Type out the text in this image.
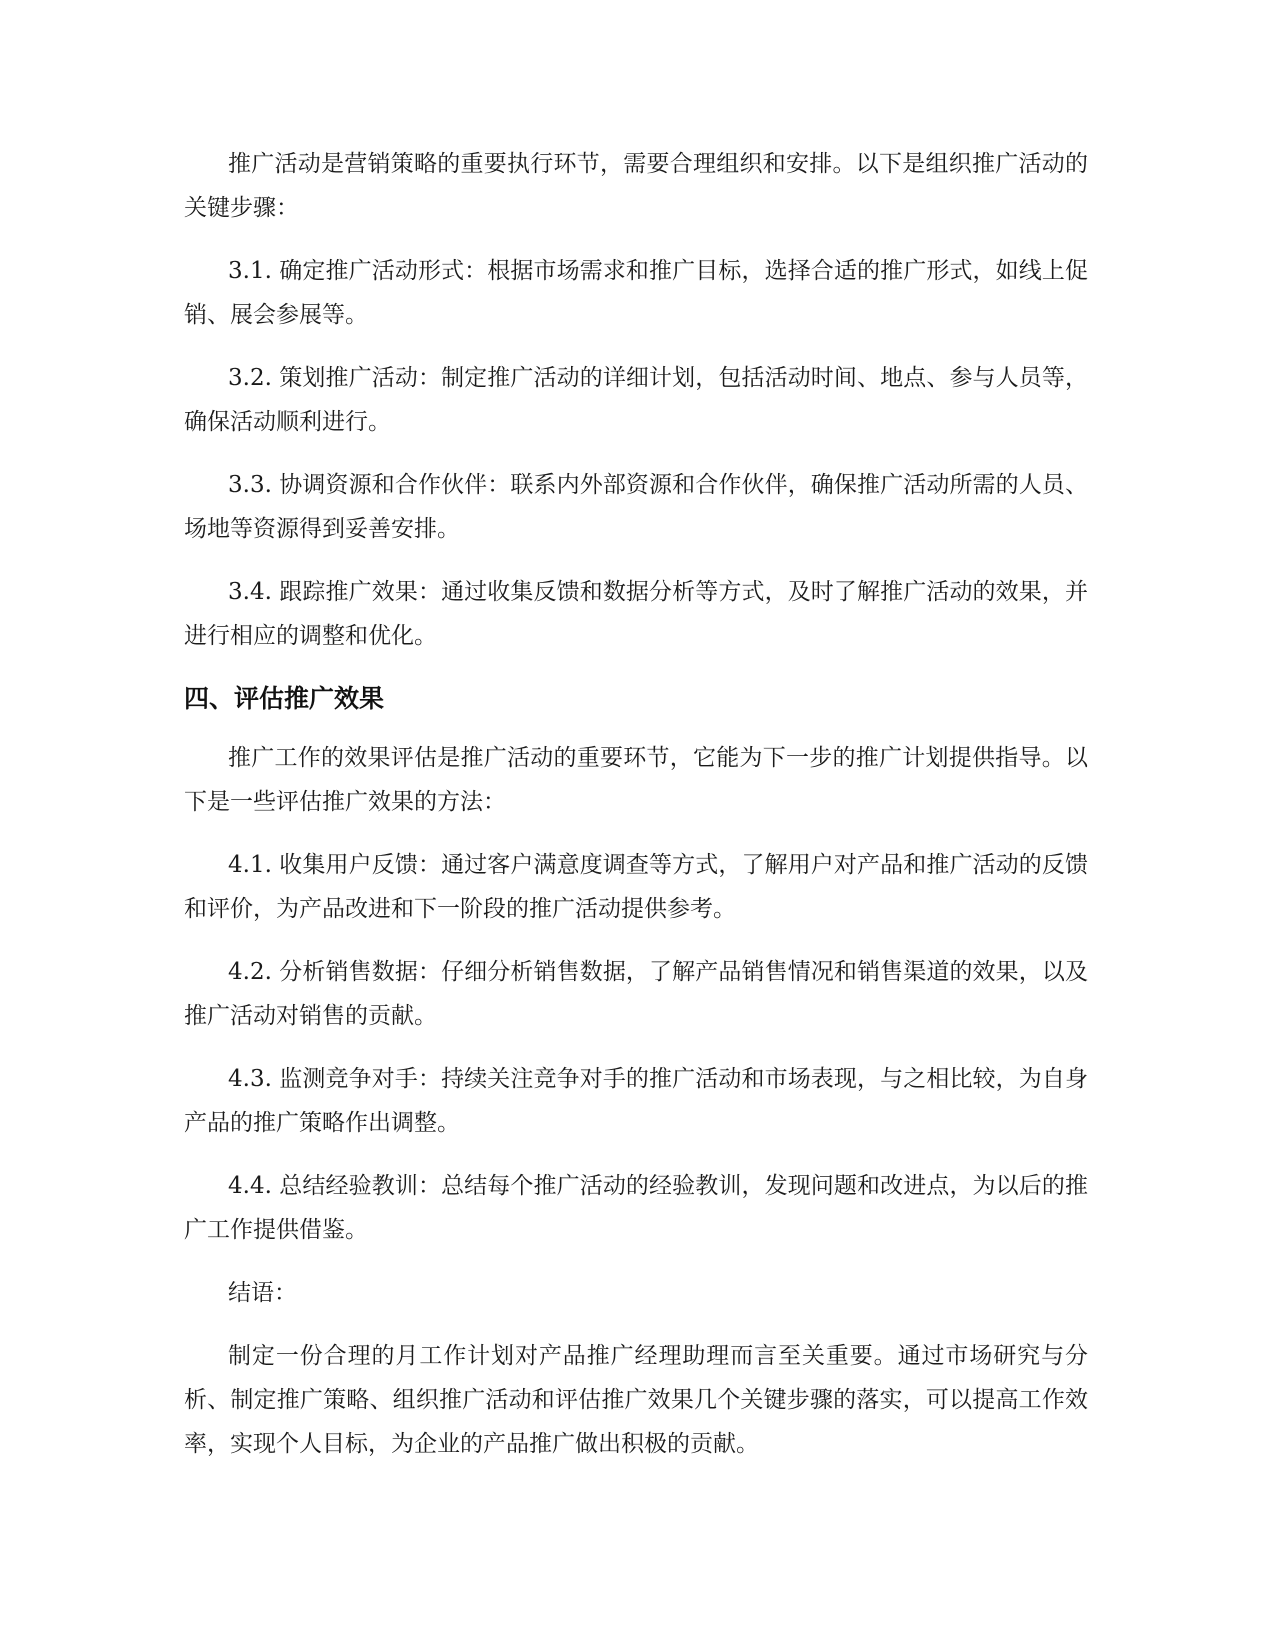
推广活动是营销策略的重要执行环节，需要合理组织和安排。以下是组织推广活动的关键步骤：

3.1. 确定推广活动形式：根据市场需求和推广目标，选择合适的推广形式，如线上促销、展会参展等。

3.2. 策划推广活动：制定推广活动的详细计划，包括活动时间、地点、参与人员等，确保活动顺利进行。

3.3. 协调资源和合作伙伴：联系内外部资源和合作伙伴，确保推广活动所需的人员、场地等资源得到妥善安排。

3.4. 跟踪推广效果：通过收集反馈和数据分析等方式，及时了解推广活动的效果，并进行相应的调整和优化。

四、评估推广效果

推广工作的效果评估是推广活动的重要环节，它能为下一步的推广计划提供指导。以下是一些评估推广效果的方法：

4.1. 收集用户反馈：通过客户满意度调查等方式，了解用户对产品和推广活动的反馈和评价，为产品改进和下一阶段的推广活动提供参考。

4.2. 分析销售数据：仔细分析销售数据，了解产品销售情况和销售渠道的效果，以及推广活动对销售的贡献。

4.3. 监测竞争对手：持续关注竞争对手的推广活动和市场表现，与之相比较，为自身产品的推广策略作出调整。

4.4. 总结经验教训：总结每个推广活动的经验教训，发现问题和改进点，为以后的推广工作提供借鉴。

结语：

制定一份合理的月工作计划对产品推广经理助理而言至关重要。通过市场研究与分析、制定推广策略、组织推广活动和评估推广效果几个关键步骤的落实，可以提高工作效率，实现个人目标，为企业的产品推广做出积极的贡献。
